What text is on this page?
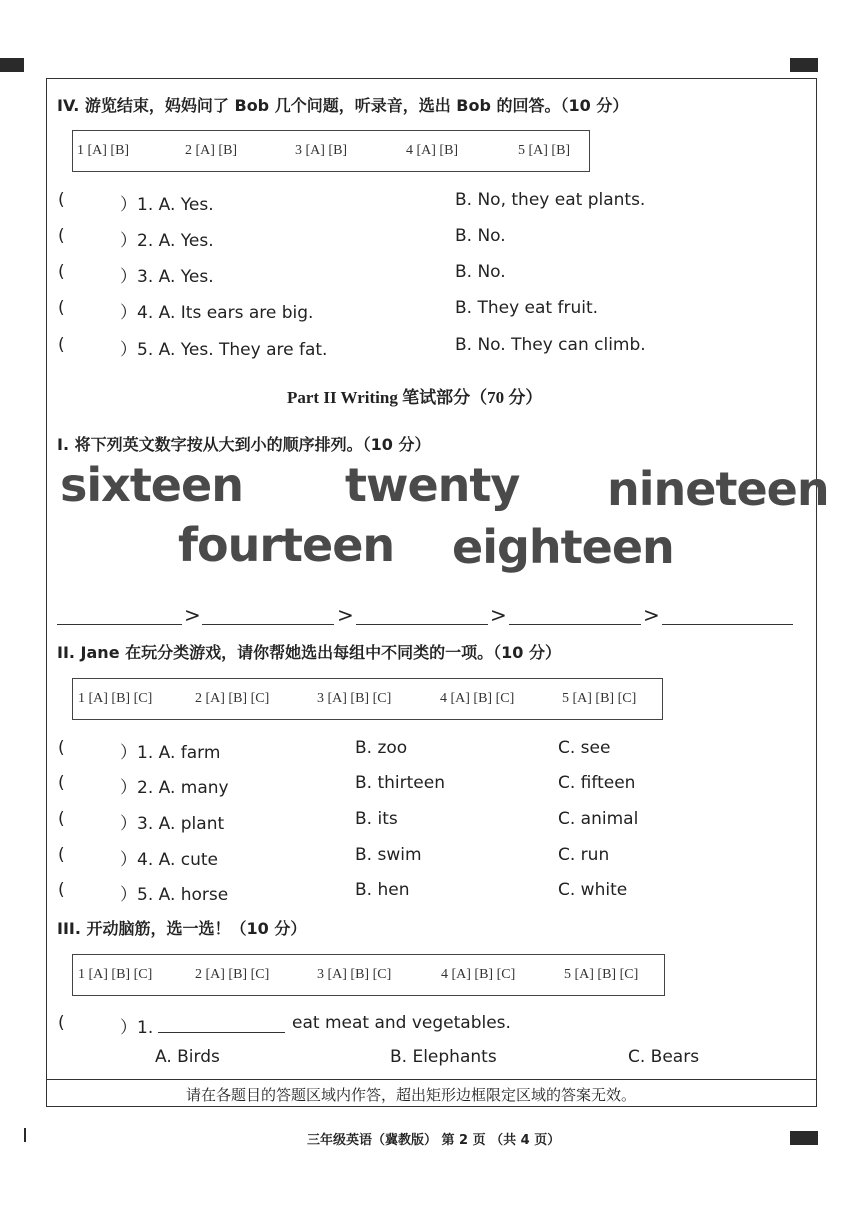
IV. 游览结束，妈妈问了 Bob 几个问题，听录音，选出 Bob 的回答。（10 分）
1 [A] [B]	2 [A] [B]	3 [A] [B]	4 [A] [B]	5 [A] [B]
(	）1. A. Yes.	B. No, they eat plants.
(	）2. A. Yes.	B. No.
(	）3. A. Yes.	B. No.
(	）4. A. Its ears are big.	B. They eat fruit.
(	）5. A. Yes. They are fat.	B. No. They can climb.
Part II Writing 笔试部分（70 分）
I. 将下列英文数字按从大到小的顺序排列。（10 分）
sixteen twenty nineteen
fourteen eighteen
>	>	>	>
II. Jane 在玩分类游戏，请你帮她选出每组中不同类的一项。（10 分）
1 [A] [B] [C]	2 [A] [B] [C]	3 [A] [B] [C]	4 [A] [B] [C]	5 [A] [B] [C]
(	）1. A. farm	B. zoo	C. see
(	）2. A. many	B. thirteen	C. fifteen
(	）3. A. plant	B. its	C. animal
(	）4. A. cute	B. swim	C. run
(	）5. A. horse	B. hen	C. white
III. 开动脑筋，选一选！（10 分）
1 [A] [B] [C]	2 [A] [B] [C]	3 [A] [B] [C]	4 [A] [B] [C]	5 [A] [B] [C]
(	）1.	eat meat and vegetables.
A. Birds	B. Elephants	C. Bears
请在各题目的答题区域内作答，超出矩形边框限定区域的答案无效。
三年级英语（冀教版） 第 2 页 （共 4 页）
